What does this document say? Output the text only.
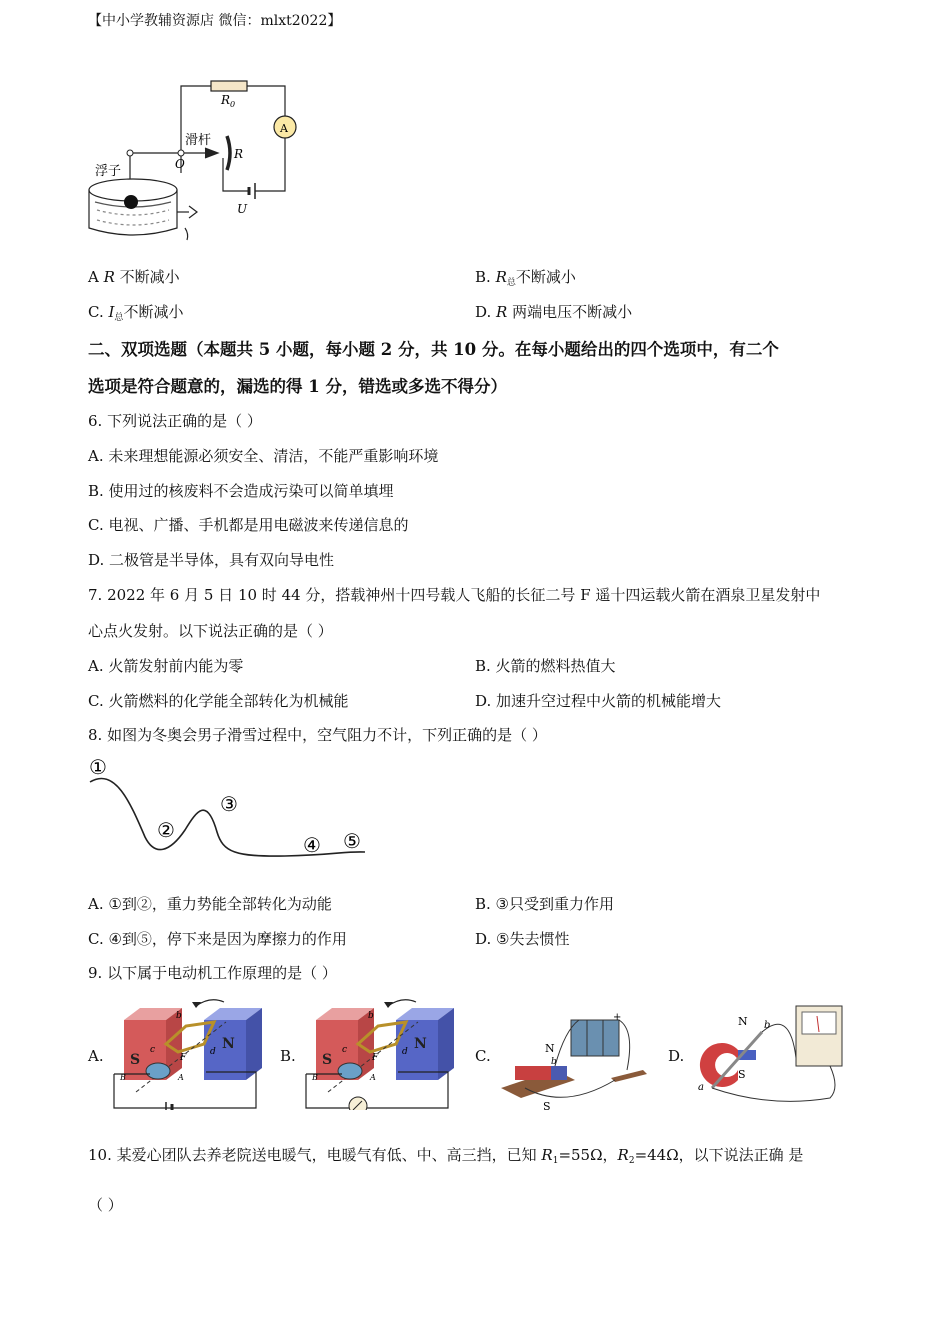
【中小学教辅资源店 微信：mlxt2022】
$R_0$
A
滑杆
O
R
浮子
U
A R 不断减小	B. $R_总$不断减小
C. $I_总$不断减小	D. R 两端电压不断减小
二、双项选题（本题共 5 小题，每小题 2 分，共 10 分。在每小题给出的四个选项中，有二个
选项是符合题意的，漏选的得 1 分，错选或多选不得分）
6. 下列说法正确的是（ ）
A. 未来理想能源必须安全、清洁，不能严重影响环境
B. 使用过的核废料不会造成污染可以简单填埋
C. 电视、广播、手机都是用电磁波来传递信息的
D. 二极管是半导体，具有双向导电性
7. 2022 年 6 月 5 日 10 时 44 分，搭载神州十四号载人飞船的长征二号 F 遥十四运载火箭在酒泉卫星发射中
心点火发射。以下说法正确的是（ ）
A. 火箭发射前内能为零	B. 火箭的燃料热值大
C. 火箭燃料的化学能全部转化为机械能	D. 加速升空过程中火箭的机械能增大
8. 如图为冬奥会男子滑雪过程中，空气阻力不计，下列正确的是（ ）
①
②
③
④ ⑤
A. ①到②，重力势能全部转化为动能	B. ③只受到重力作用
C. ④到⑤，停下来是因为摩擦力的作用	D. ⑤失去惯性
9. 以下属于电动机工作原理的是（ ）
A. S
N
b
c	d
F
B	A
B. S
N
b
c	d
F
B	A
C.	N
b
S
+
D.
N b
S
a
10. 某爱心团队去养老院送电暖气，电暖气有低、中、高三挡，已知 $R_1=55\Omega$，$R_2=44\Omega$，以下说法正确 是
（ ）
